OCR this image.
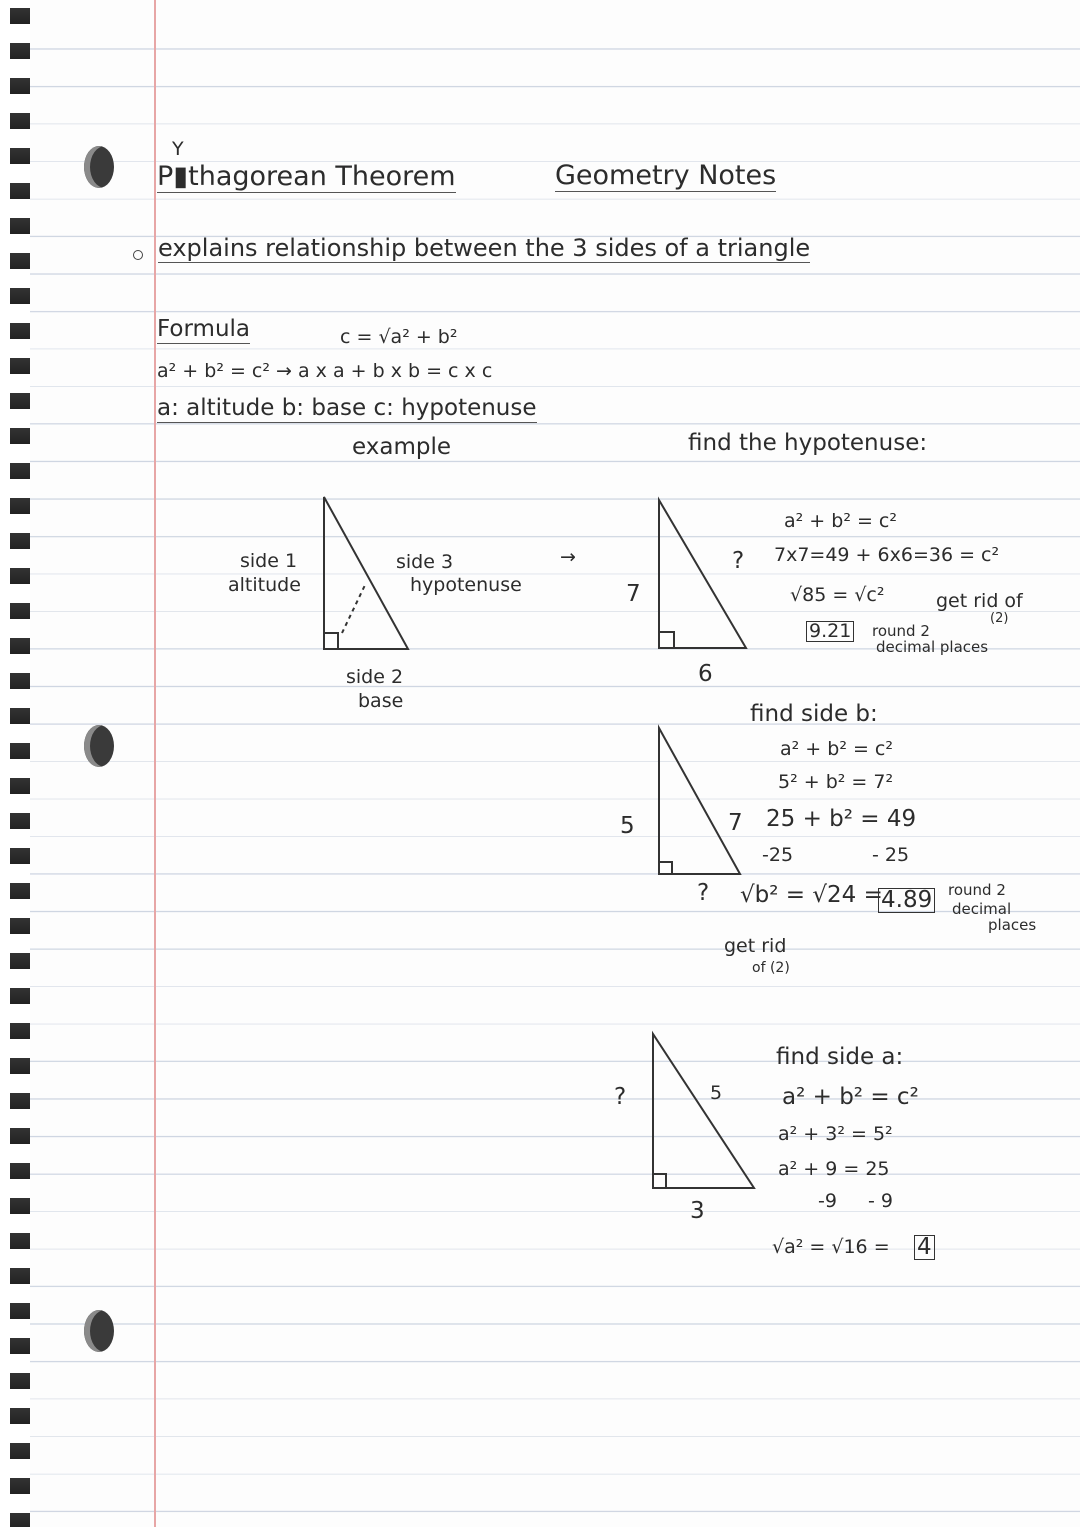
Y
P▮thagorean Theorem	Geometry Notes
explains relationship between the 3 sides of a triangle
Formula	c = √a² + b²
a² + b² = c² → a x a + b x b = c x c
a: altitude b: base c: hypotenuse
example
side 1
altitude
side 3
hypotenuse
side 2
base
→
find the hypotenuse:
7
6
?
a² + b² = c²
7x7=49 + 6x6=36 = c²
√85 = √c²	get rid of
(2)
9.21 round 2
decimal places
find side b:
5	7
?
a² + b² = c²
5² + b² = 7²
25 + b² = 49
-25	- 25
√b² = √24 =
4.89 round 2
decimal
places
get rid
of (2)
find side a:
?	5
3
a² + b² = c²
a² + 3² = 5²
a² + 9 = 25
-9 - 9
√a² = √16 = 4
